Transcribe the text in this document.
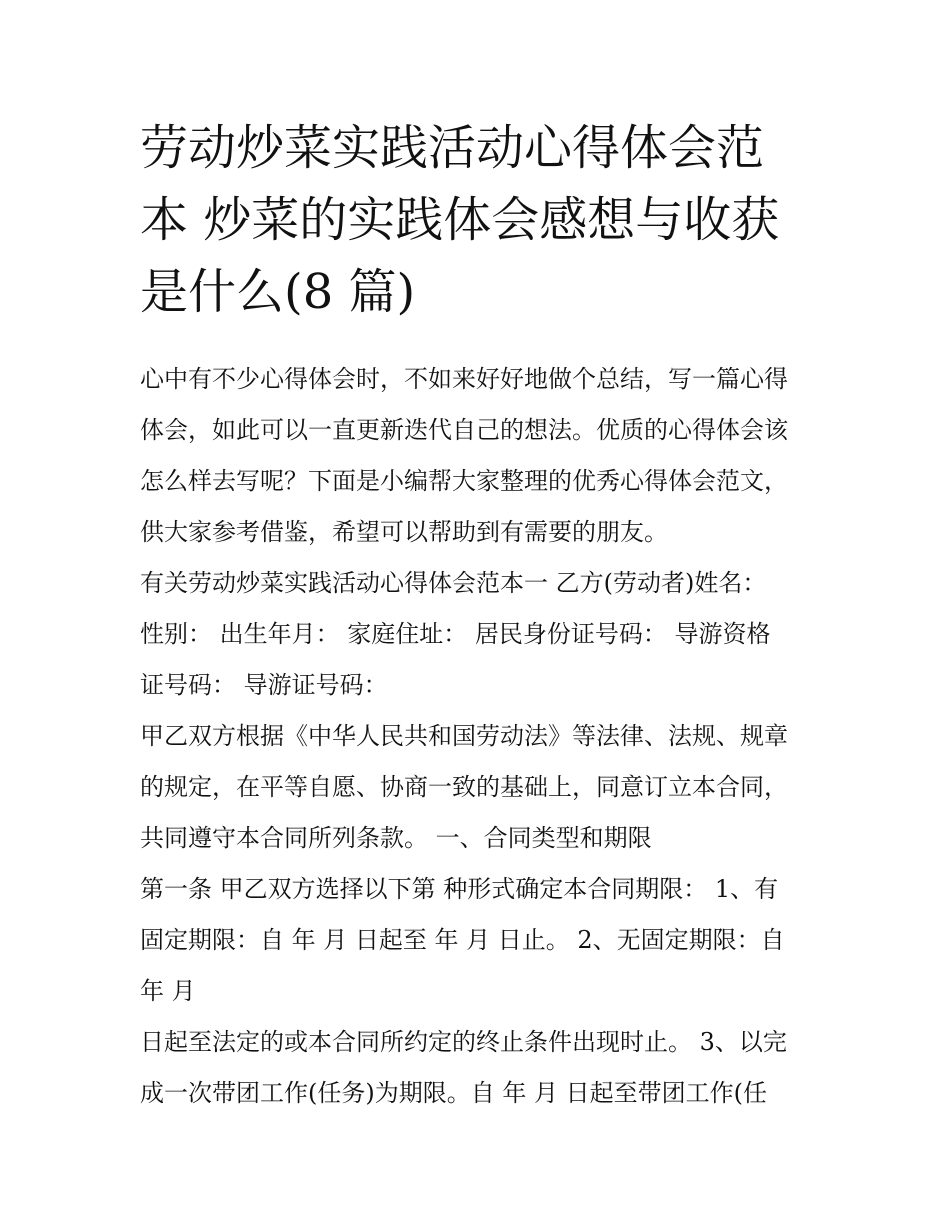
劳动炒菜实践活动心得体会范
本 炒菜的实践体会感想与收获
是什么(8 篇)
心中有不少心得体会时，不如来好好地做个总结，写一篇心得
体会，如此可以一直更新迭代自己的想法。优质的心得体会该
怎么样去写呢？下面是小编帮大家整理的优秀心得体会范文，
供大家参考借鉴，希望可以帮助到有需要的朋友。
有关劳动炒菜实践活动心得体会范本一 乙方(劳动者)姓名：
性别： 出生年月： 家庭住址： 居民身份证号码： 导游资格
证号码： 导游证号码：
甲乙双方根据《中华人民共和国劳动法》等法律、法规、规章
的规定，在平等自愿、协商一致的基础上，同意订立本合同，
共同遵守本合同所列条款。 一、合同类型和期限
第一条 甲乙双方选择以下第 种形式确定本合同期限： 1、有
固定期限：自 年 月 日起至 年 月 日止。 2、无固定期限：自
年 月
日起至法定的或本合同所约定的终止条件出现时止。 3、以完
成一次带团工作(任务)为期限。自 年 月 日起至带团工作(任
